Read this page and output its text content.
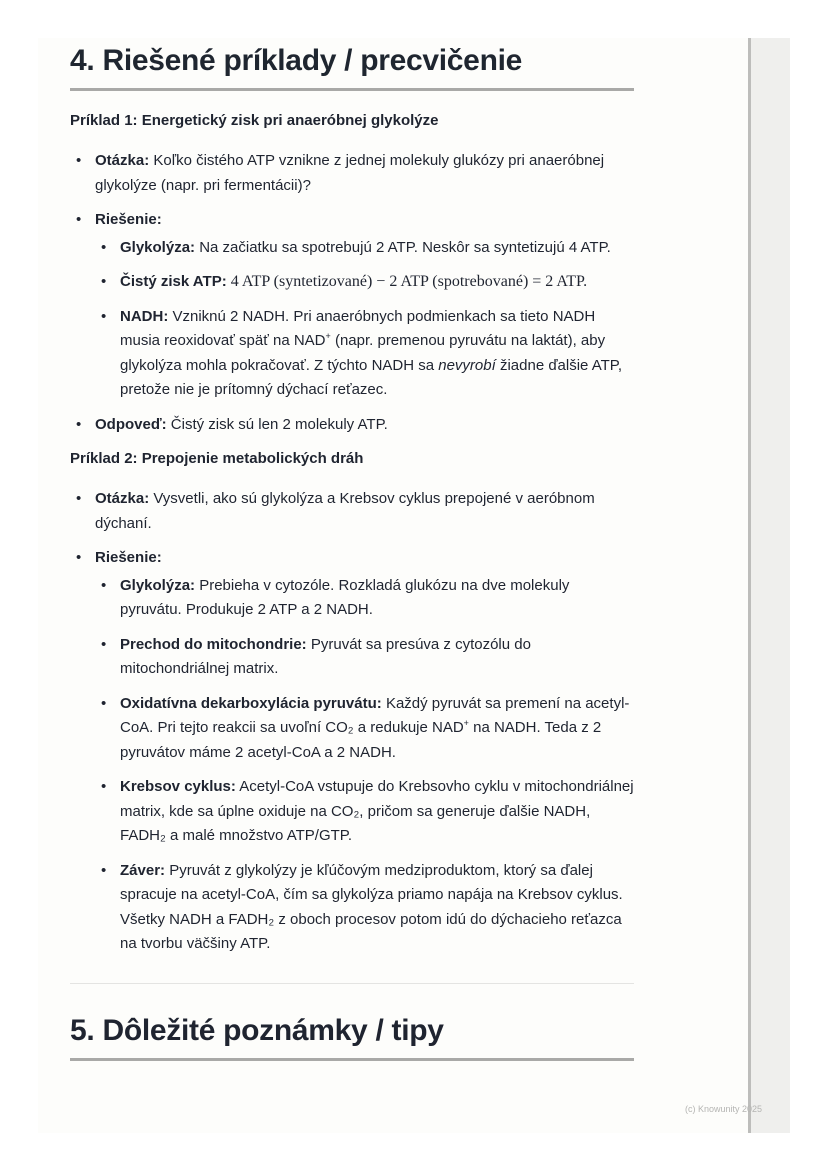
4. Riešené príklady / precvičenie
Príklad 1: Energetický zisk pri anaeróbnej glykolýze
• Otázka: Koľko čistého ATP vznikne z jednej molekuly glukózy pri anaeróbnej glykolýze (napr. pri fermentácii)?
• Riešenie:
• Glykolýza: Na začiatku sa spotrebujú 2 ATP. Neskôr sa syntetizujú 4 ATP.
• Čistý zisk ATP: 4 ATP (syntetizované) − 2 ATP (spotrebované) = 2 ATP.
• NADH: Vzniknú 2 NADH. Pri anaeróbnych podmienkach sa tieto NADH musia reoxidovať späť na NAD+ (napr. premenou pyruvátu na laktát), aby glykolýza mohla pokračovať. Z týchto NADH sa nevyrobí žiadne ďalšie ATP, pretože nie je prítomný dýchací reťazec.
• Odpoveď: Čistý zisk sú len 2 molekuly ATP.
Príklad 2: Prepojenie metabolických dráh
• Otázka: Vysvetli, ako sú glykolýza a Krebsov cyklus prepojené v aeróbnom dýchaní.
• Riešenie:
• Glykolýza: Prebieha v cytozóle. Rozkladá glukózu na dve molekuly pyruvátu. Produkuje 2 ATP a 2 NADH.
• Prechod do mitochondrie: Pyruvát sa presúva z cytozólu do mitochondriálnej matrix.
• Oxidatívna dekarboxylácia pyruvátu: Každý pyruvát sa premení na acetyl-CoA. Pri tejto reakcii sa uvoľní CO₂ a redukuje NAD+ na NADH. Teda z 2 pyruvátov máme 2 acetyl-CoA a 2 NADH.
• Krebsov cyklus: Acetyl-CoA vstupuje do Krebsovho cyklu v mitochondriálnej matrix, kde sa úplne oxiduje na CO₂, pričom sa generuje ďalšie NADH, FADH₂ a malé množstvo ATP/GTP.
• Záver: Pyruvát z glykolýzy je kľúčovým medziproduktom, ktorý sa ďalej spracuje na acetyl-CoA, čím sa glykolýza priamo napája na Krebsov cyklus. Všetky NADH a FADH₂ z oboch procesov potom idú do dýchacieho reťazca na tvorbu väčšiny ATP.
5. Dôležité poznámky / tipy
(c) Knowunity 2025
